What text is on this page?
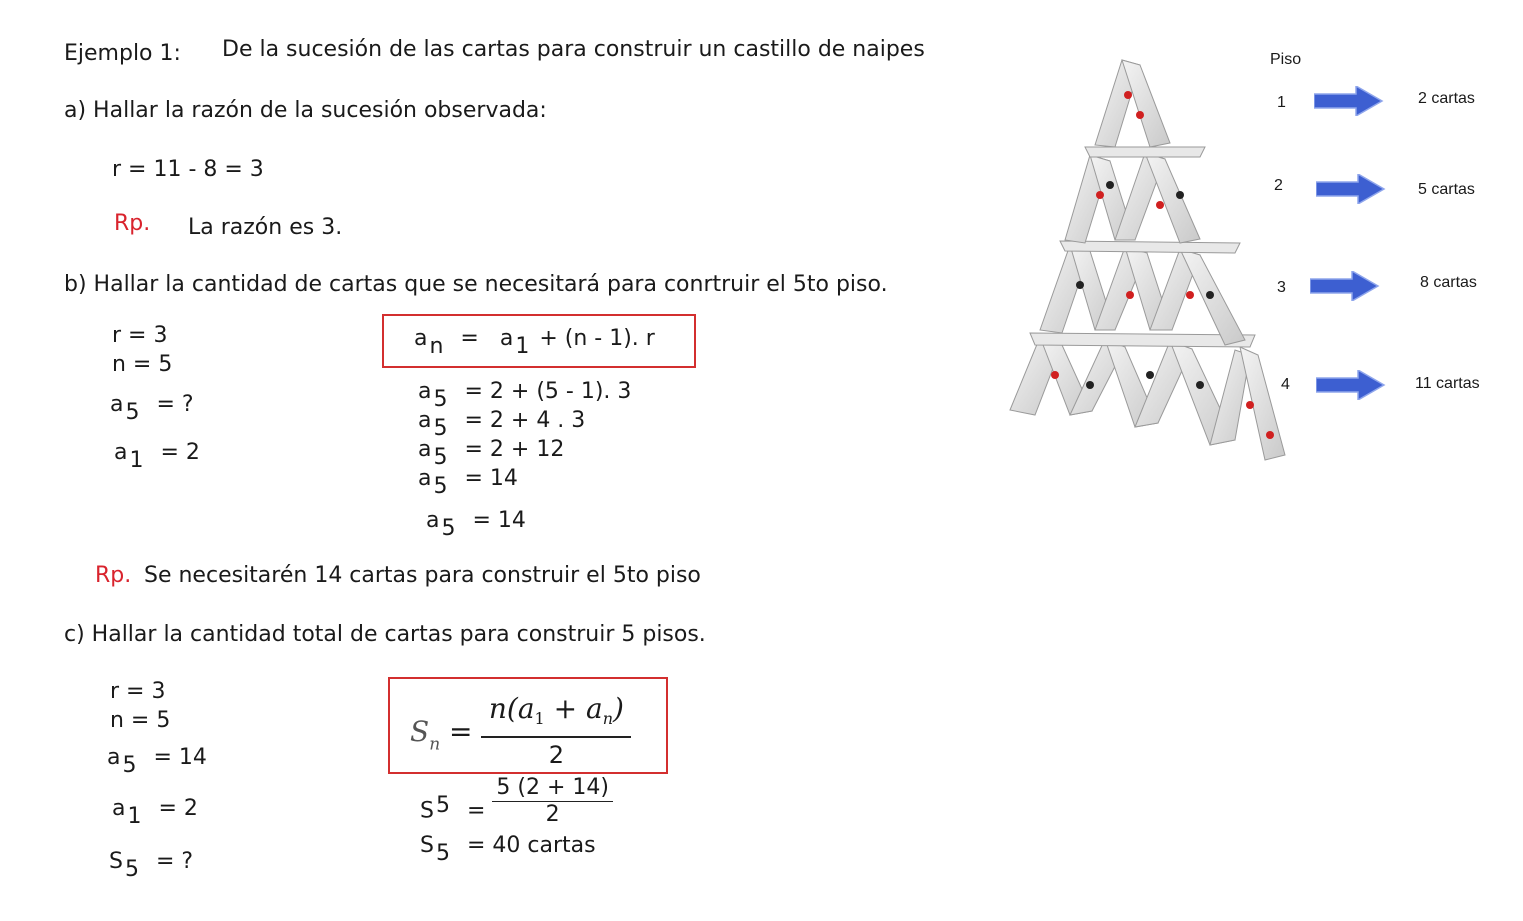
Ejemplo 1: De la sucesión de las cartas para construir un castillo de naipes
a) Hallar la razón de la sucesión observada:
r = 11 - 8 = 3
Rp. La razón es 3.
b) Hallar la cantidad de cartas que se necesitará para conrtruir el 5to piso.
r = 3
n = 5
a5 = ?
a1 = 2
an =   a1 + (n - 1). r
a5 = 2 + (5 - 1). 3
a5 = 2 + 4 . 3
a5 = 2 + 12
a5 = 14
a5 = 14
Rp. Se necesitarén 14 cartas para construir el 5to piso
c) Hallar la cantidad total de cartas para construir 5 pisos.
r = 3
n = 5
a5 = 14
a1 = 2
S5 = ?
$S_n = \frac{n(a_1 + a_n)}{2}$
$S5 = \frac{5 (2 + 14)}{2}$
S5 = 40 cartas
Piso
1	2 cartas
2	5 cartas
3	8 cartas
4	11 cartas
